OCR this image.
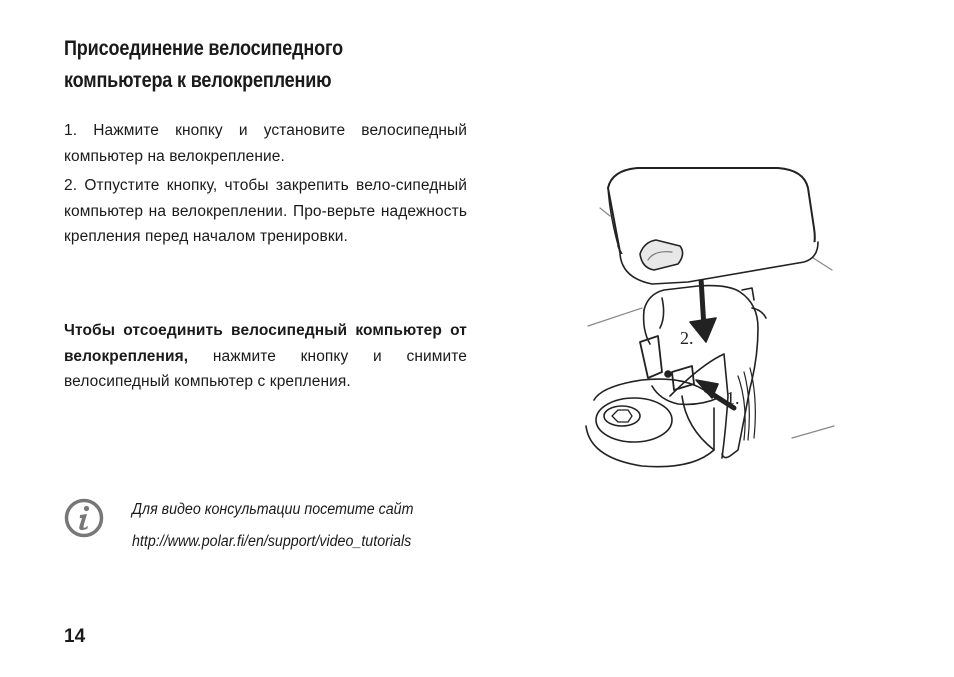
Присоединение велосипедного
компьютера к велокреплению
1. Нажмите кнопку и установите велосипедный компьютер на велокрепление.
2. Отпустите кнопку, чтобы закрепить вело-сипедный компьютер на велокреплении. Про-верьте надежность крепления перед началом тренировки.
Чтобы отсоединить велосипедный компьютер от велокрепления, нажмите кнопку и снимите велосипедный компьютер с крепления.
2.
1.
Для видео консультации посетите сайт
http://www.polar.fi/en/support/video_tutorials
14
